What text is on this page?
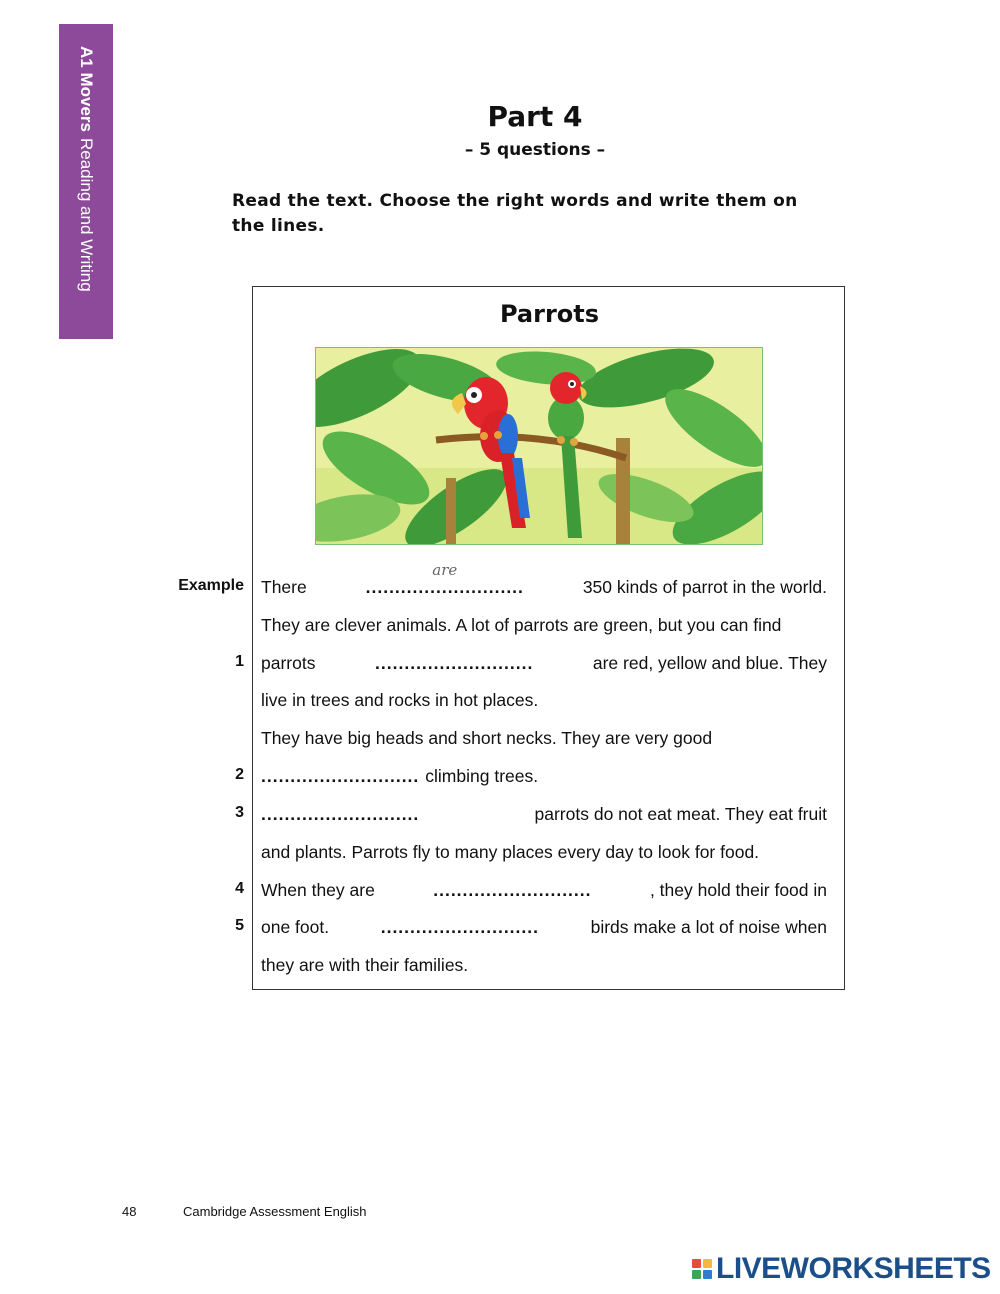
A1 MoversReading and Writing
Part 4
– 5 questions –
Read the text. Choose the right words and write them on the lines.
Parrots
Example There	...........................
are	350 kinds of parrot in the world.
They are clever animals. A lot of parrots are green, but you can find
1 parrots	...........................	are red, yellow and blue. They
live in trees and rocks in hot places.
They have big heads and short necks. They are very good
2 ........................... climbing trees.
3 ...........................	parrots do not eat meat. They eat fruit
and plants. Parrots fly to many places every day to look for food.
4 When they are	...........................	, they hold their food in
5 one foot.	...........................	birds make a lot of noise when
they are with their families.
48	Cambridge Assessment English
LIVEWORKSHEETS
